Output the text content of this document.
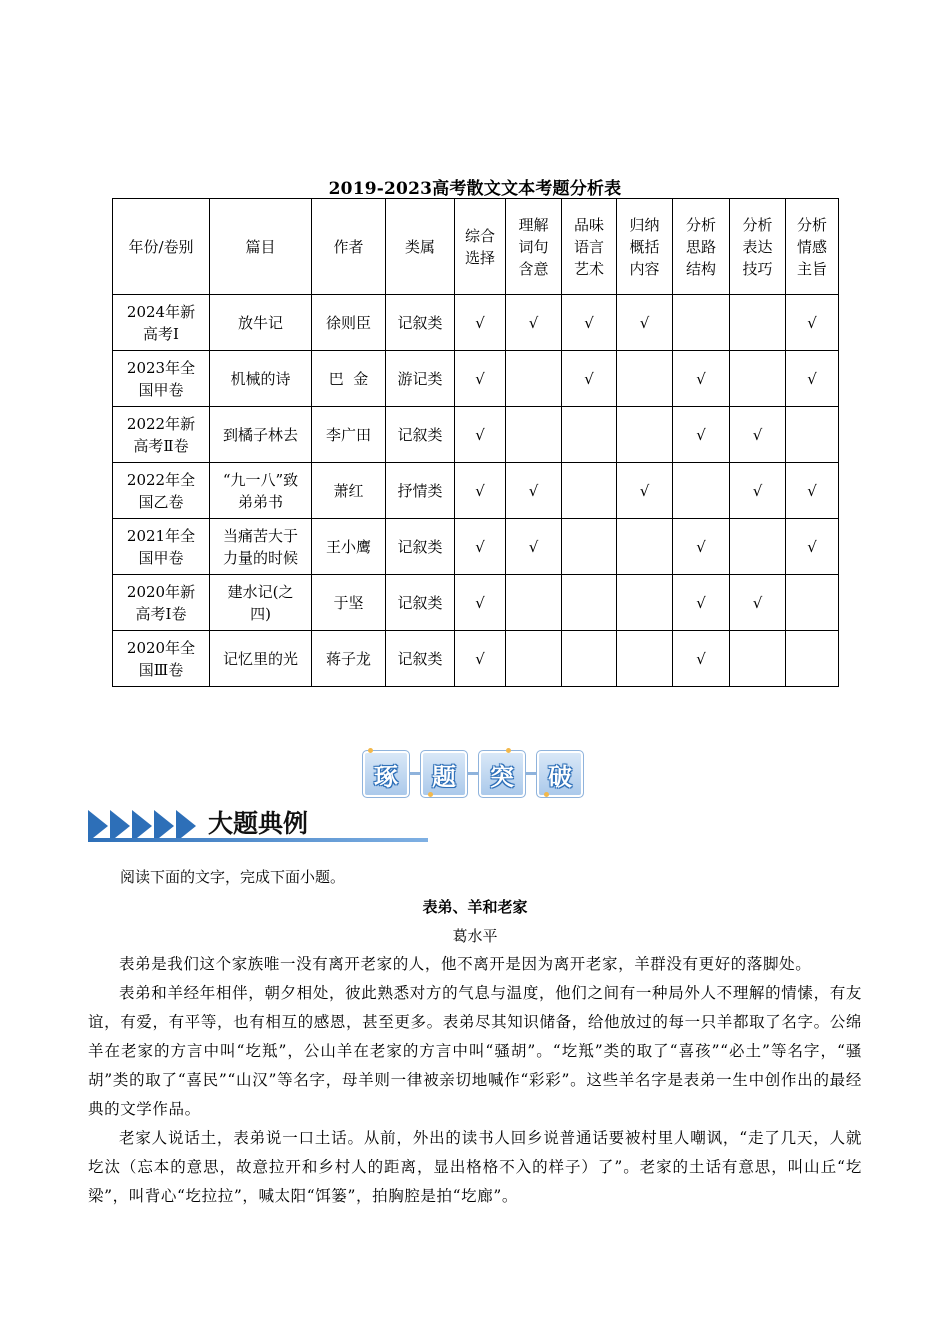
2019-2023高考散文文本考题分析表
年份/卷别	篇目	作者	类属	综合选择	理解词句含意	品味语言艺术	归纳概括内容	分析思路结构	分析表达技巧	分析情感主旨
2024年新高考Ⅰ	放牛记	徐则臣	记叙类	√	√	√	√			√
2023年全国甲卷	机械的诗	巴  金	游记类	√		√		√		√
2022年新高考Ⅱ卷	到橘子林去	李广田	记叙类	√				√	√	
2022年全国乙卷	“九一八”致弟弟书	萧红	抒情类	√	√		√		√	√
2021年全国甲卷	当痛苦大于力量的时候	王小鹰	记叙类	√	√			√		√
2020年新高考Ⅰ卷	建水记(之四)	于坚	记叙类	√				√	√	
2020年全国Ⅲ卷	记忆里的光	蒋子龙	记叙类	√				√		
琢	题	突	破
大题典例
阅读下面的文字，完成下面小题。
表弟、羊和老家
葛水平

表弟是我们这个家族唯一没有离开老家的人，他不离开是因为离开老家，羊群没有更好的落脚处。

表弟和羊经年相伴，朝夕相处，彼此熟悉对方的气息与温度，他们之间有一种局外人不理解的情愫，有友谊，有爱，有平等，也有相互的感恩，甚至更多。表弟尽其知识储备，给他放过的每一只羊都取了名字。公绵羊在老家的方言中叫“圪羝”，公山羊在老家的方言中叫“骚胡”。“圪羝”类的取了“喜孩”“必土”等名字，“骚胡”类的取了“喜民”“山汉”等名字，母羊则一律被亲切地喊作“彩彩”。这些羊名字是表弟一生中创作出的最经典的文学作品。

老家人说话土，表弟说一口土话。从前，外出的读书人回乡说普通话要被村里人嘲讽，“走了几天，人就圪汰（忘本的意思，故意拉开和乡村人的距离，显出格格不入的样子）了”。老家的土话有意思，叫山丘“圪梁”，叫背心“圪拉拉”，喊太阳“饵篓”，拍胸腔是拍“圪廊”。
